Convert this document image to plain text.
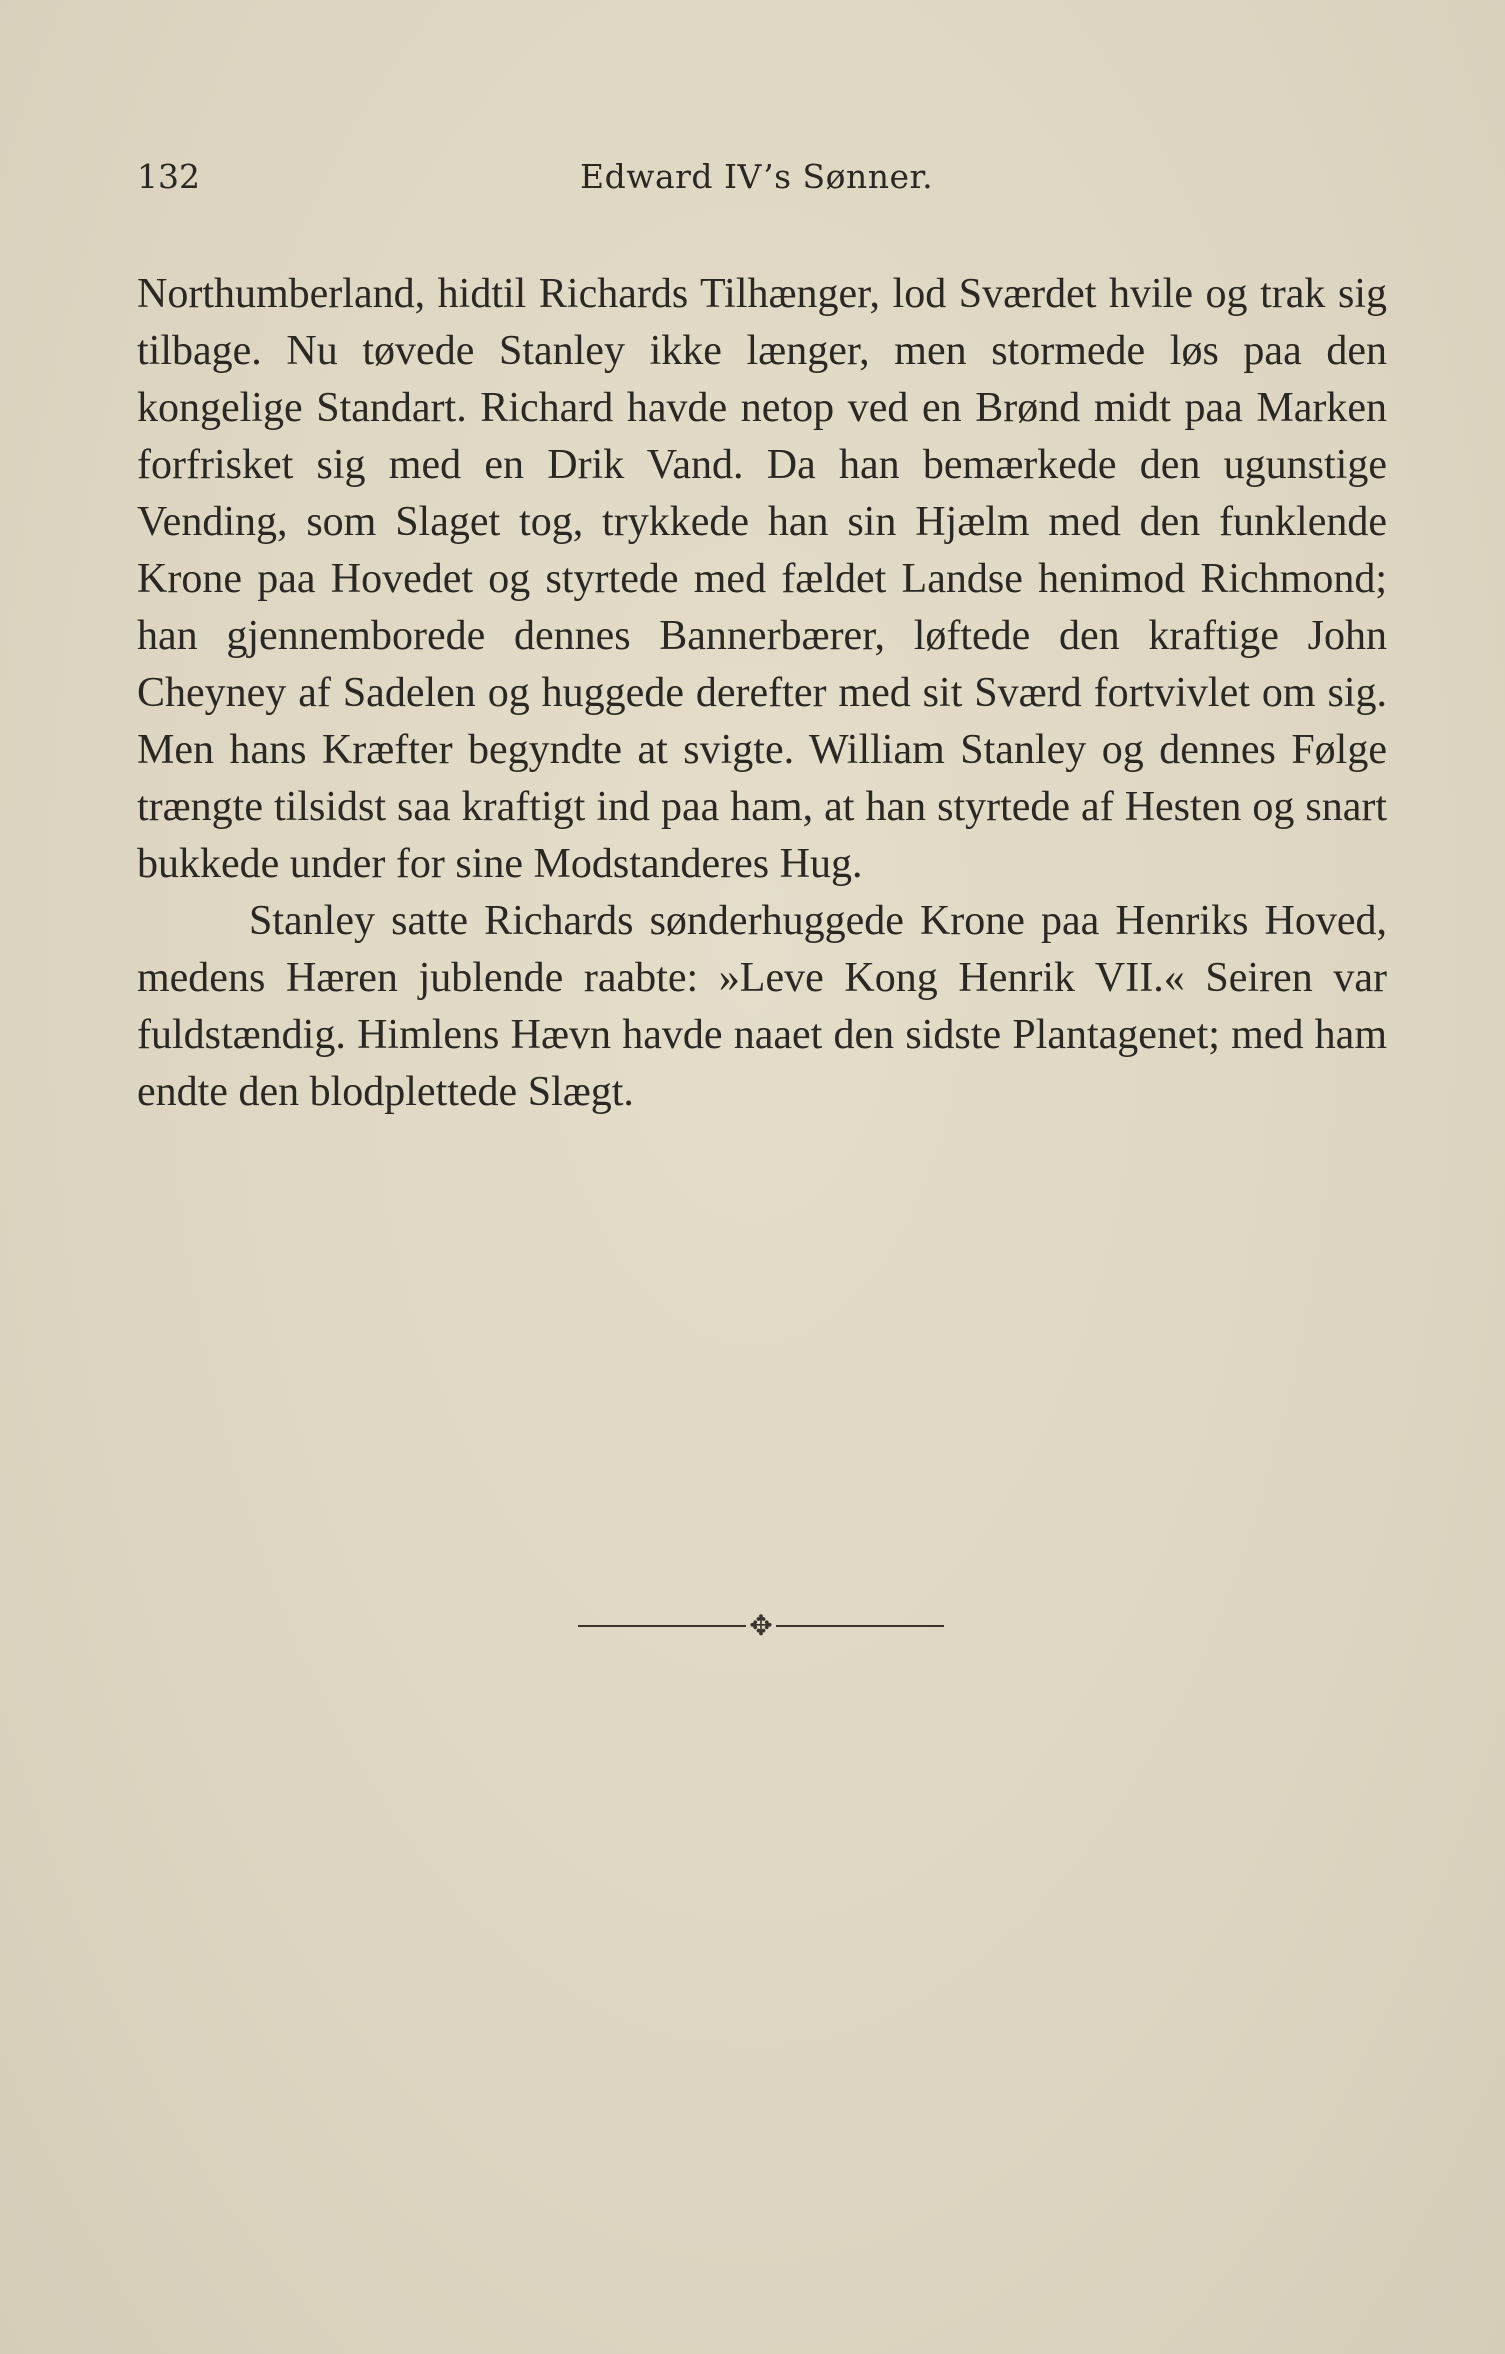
132	Edward IV’s Sønner.

Northumberland, hidtil Richards Tilhænger, lod Sværdet hvile og trak sig tilbage. Nu tøvede Stanley ikke længer, men stormede løs paa den kongelige Standart. Richard havde netop ved en Brønd midt paa Marken forfrisket sig med en Drik Vand. Da han bemærkede den ugunstige Vending, som Slaget tog, trykkede han sin Hjælm med den funklende Krone paa Hovedet og styrtede med fældet Landse henimod Richmond; han gjennemborede dennes Bannerbærer, løftede den kraftige John Cheyney af Sadelen og huggede derefter med sit Sværd fortvivlet om sig. Men hans Kræfter begyndte at svigte. William Stanley og dennes Følge trængte tilsidst saa kraftigt ind paa ham, at han styrtede af Hesten og snart bukkede under for sine Modstanderes Hug.

Stanley satte Richards sønderhuggede Krone paa Henriks Hoved, medens Hæren jublende raabte: »Leve Kong Henrik VII.« Seiren var fuldstændig. Himlens Hævn havde naaet den sidste Plantagenet; med ham endte den blodplettede Slægt.

✥
